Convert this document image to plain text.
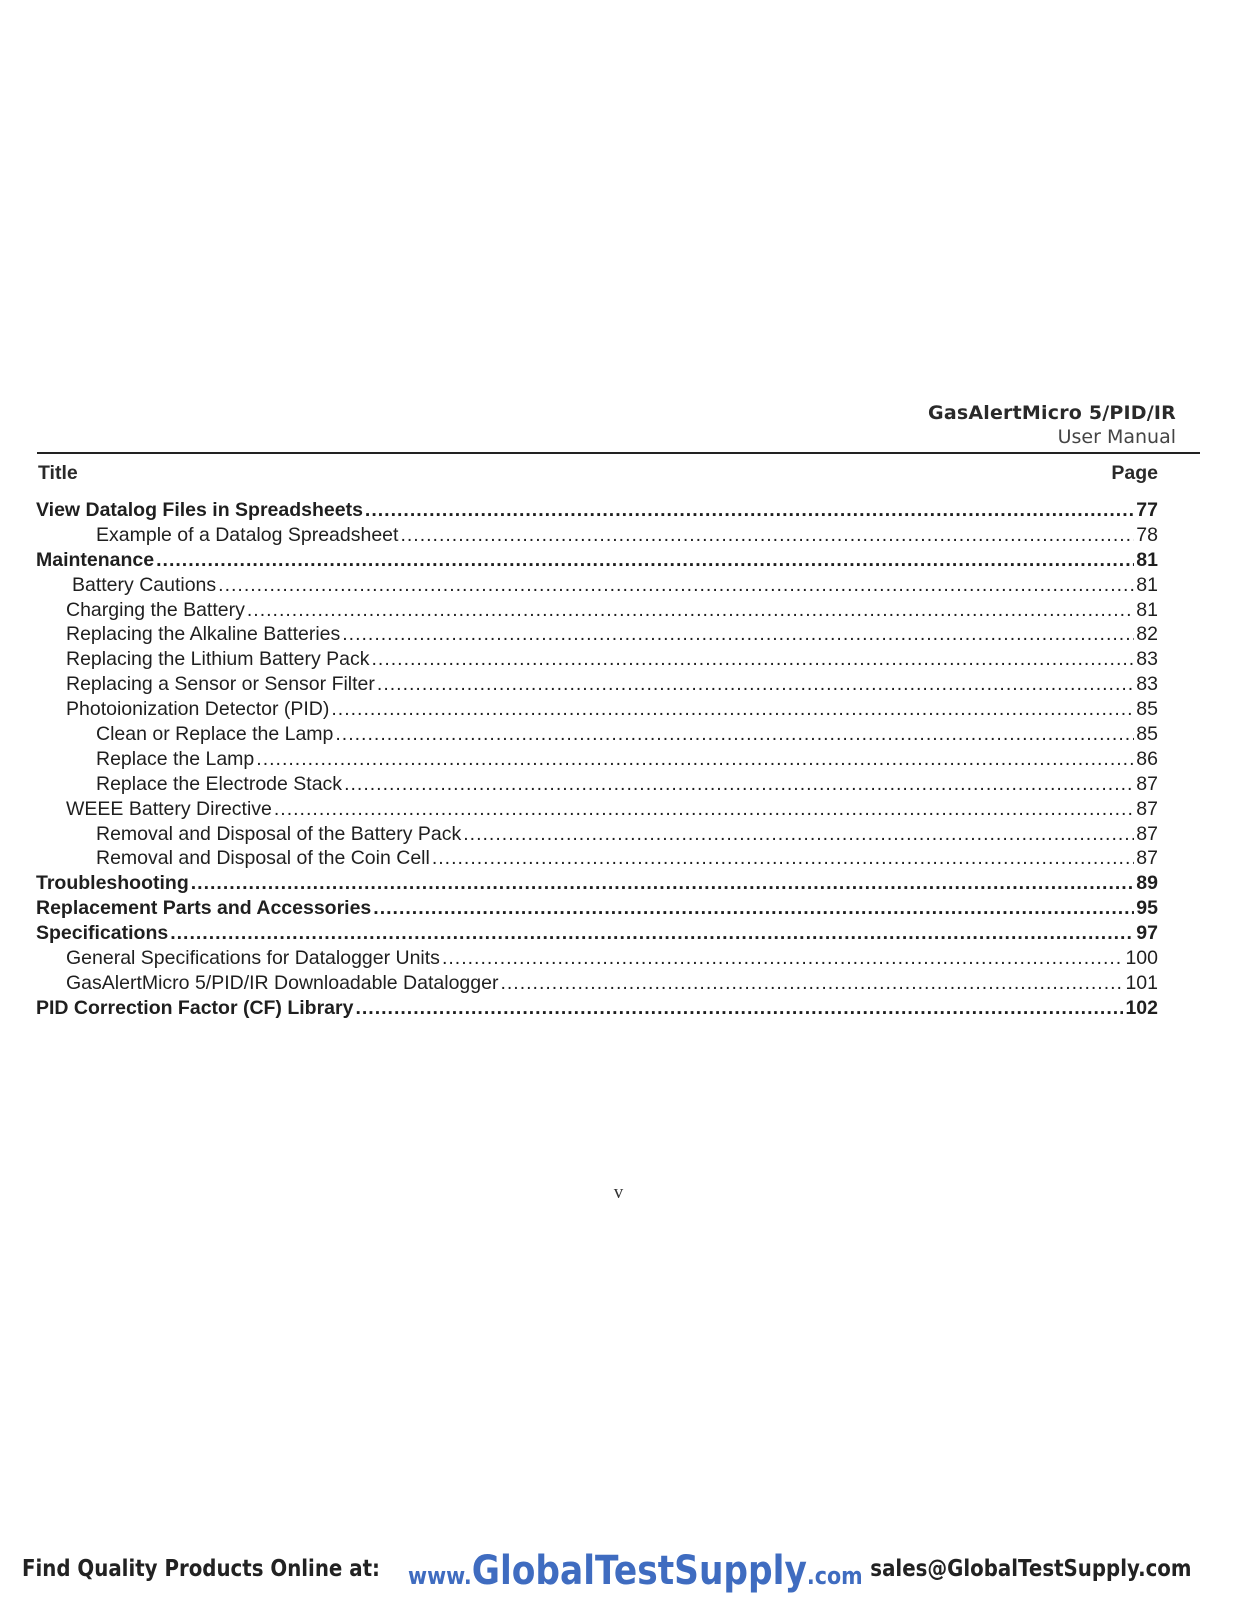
GasAlertMicro 5/PID/IR
User Manual
Title	Page
View Datalog Files in Spreadsheets .....	77
Example of a Datalog Spreadsheet .....	78
Maintenance .....	81
Battery Cautions .....	81
Charging the Battery .....	81
Replacing the Alkaline Batteries .....	82
Replacing the Lithium Battery Pack .....	83
Replacing a Sensor or Sensor Filter .....	83
Photoionization Detector (PID) .....	85
Clean or Replace the Lamp .....	85
Replace the Lamp .....	86
Replace the Electrode Stack .....	87
WEEE Battery Directive .....	87
Removal and Disposal of the Battery Pack .....	87
Removal and Disposal of the Coin Cell .....	87
Troubleshooting .....	89
Replacement Parts and Accessories .....	95
Specifications .....	97
General Specifications for Datalogger Units .....	100
GasAlertMicro 5/PID/IR Downloadable Datalogger .....	101
PID Correction Factor (CF) Library .....	102
v
Find Quality Products Online at: www.GlobalTestSupply.com sales@GlobalTestSupply.com
